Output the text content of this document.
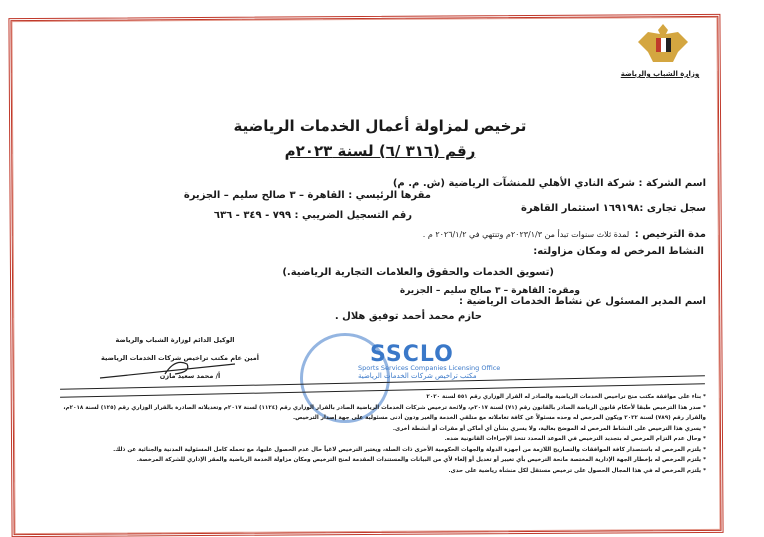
وزارة الشباب والرياضة
ترخيص لمزاولة أعمال الخدمات الرياضية
رقم (٣١٦ /٦) لسنة ٢٠٢٣م
اسم الشركة : شركة النادي الأهلي للمنشآت الرياضية (ش. م. م)
مقرها الرئيسي : القاهرة – ٣ صالح سليم – الجزيرة
سجل تجارى :١٦٩١٩٨ استثمار القاهرة
رقم التسجيل الضريبي : ٧٩٩ - ٣٤٩ - ٦٣٦
مدة الترخيص : لمدة ثلاث سنوات تبدأ من ٢٠٢٣/١/٣م وتنتهي في ٢٠٢٦/١/٢ م .
النشاط المرخص له ومكان مزاولته:
(تسويق الخدمات والحقوق والعلامات التجارية الرياضية.)
ومقره: القاهرة – ٣ صالح سليم – الجزيرة
اسم المدير المسئول عن نشاط الخدمات الرياضية :
حازم محمد أحمد توفيق هلال .
الوكيل الدائم لوزارة الشباب والرياضة
أمين عام مكتب تراخيص شركات الخدمات الرياضية
أ/ محمد سعيد مازن
SSCLO
Sports Services Companies Licensing Office
مكتب تراخيص شركات الخدمات الرياضية
* بناء على موافقة مكتب منح تراخيص الخدمات الرياضية والصادر له القرار الوزاري رقم ٥٥١ لسنة ٢٠٢٠
* صدر هذا الترخيص طبقا لأحكام قانون الرياضة الصادر بالقانون رقم (٧١) لسنة ٢٠١٧م، ولائحة ترخيص شركات الخدمات الرياضية الصادر بالقرار الوزاري رقم (١١٢٤) لسنة ٢٠١٧م وتعديلاته الصادرة بالقرار الوزاري رقم (١٢٥) لسنة ٢٠١٨م،
والقرار رقم (٧٨٩) لسنة ٢٠٢٢ ويكون المرخص له وحده مسئولاً عن كافة تعاملاته مع متلقي الخدمة والغير ودون أدنى مسئولية على جهة إصدار الترخيص.
* يسري هذا الترخيص على النشاط المرخص له الموضح بعالية، ولا يسري بشأن أي أماكن أو مقرات أو أنشطة أخرى.
* وحال عدم التزام المرخص له بتجديد الترخيص في الموعد المحدد تتخذ الإجراءات القانونية ضده.
* يلتزم المرخص له باستصدار كافة الموافقات والتصاريح اللازمة من أجهزة الدولة والجهات الحكومية الأخرى ذات الصلة، ويعتبر الترخيص لاغياً حال عدم الحصول عليها، مع تحمله كامل المسئولية المدنية والجنائية عن ذلك.
* يلتزم المرخص له بإخطار الجهة الإدارية المختصة مانحة الترخيص بأي تغيير أو تعديل أو إلغاء لأي من البيانات والمستندات المقدمة لمنح الترخيص ومكان مزاولة الخدمة الرياضية والمقر الإداري للشركة المرخصة.
* يلتزم المرخص له في هذا المجال الحصول على ترخيص مستقل لكل منشأة رياضية على حدى.
